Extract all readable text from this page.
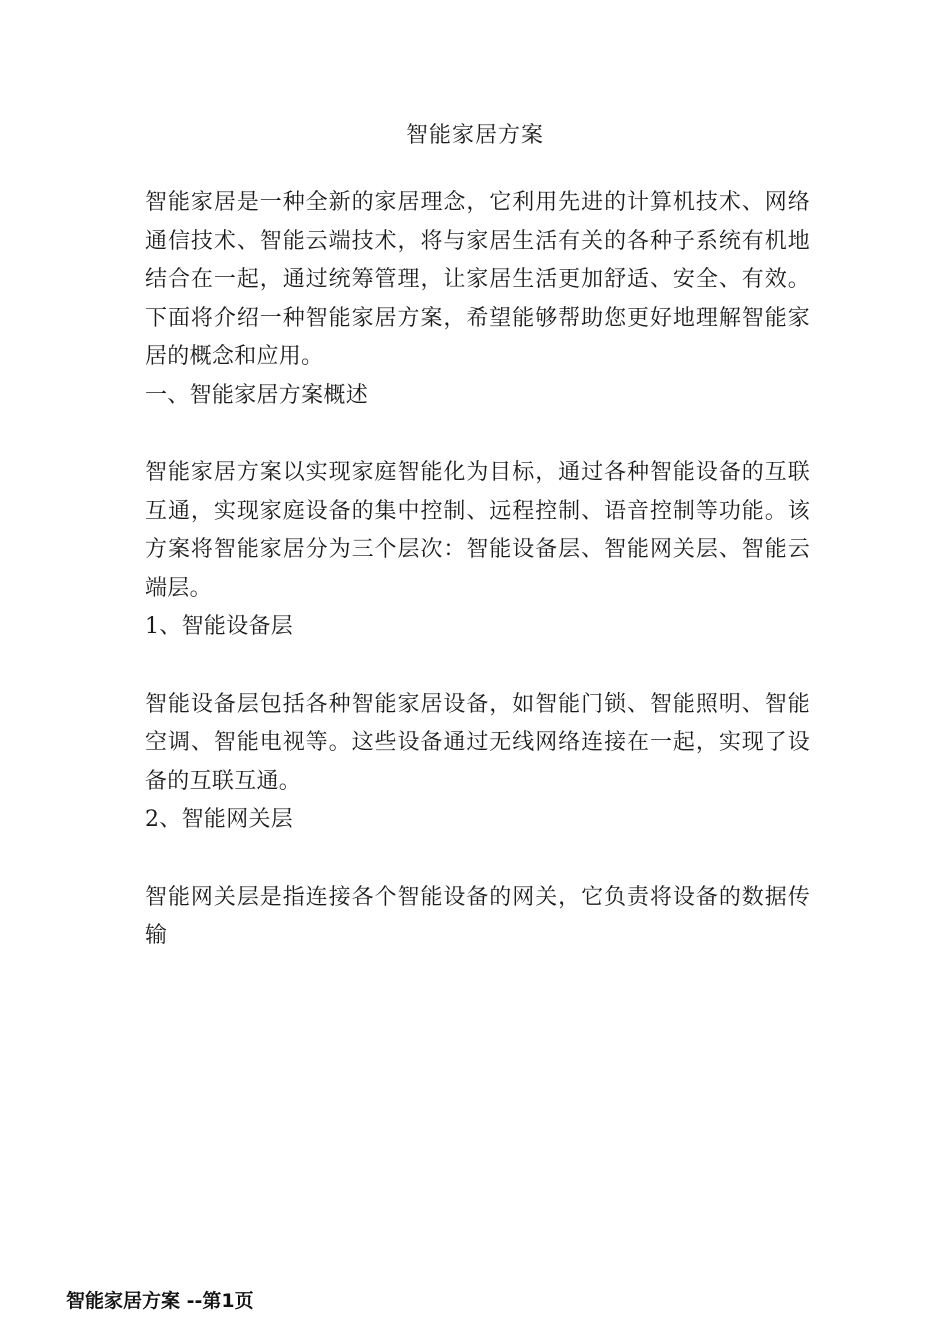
智能家居方案

智能家居是一种全新的家居理念，它利用先进的计算机技术、网络通信技术、智能云端技术，将与家居生活有关的各种子系统有机地结合在一起，通过统筹管理，让家居生活更加舒适、安全、有效。下面将介绍一种智能家居方案，希望能够帮助您更好地理解智能家居的概念和应用。

一、智能家居方案概述

智能家居方案以实现家庭智能化为目标，通过各种智能设备的互联互通，实现家庭设备的集中控制、远程控制、语音控制等功能。该方案将智能家居分为三个层次：智能设备层、智能网关层、智能云端层。

1、智能设备层

智能设备层包括各种智能家居设备，如智能门锁、智能照明、智能空调、智能电视等。这些设备通过无线网络连接在一起，实现了设备的互联互通。

2、智能网关层

智能网关层是指连接各个智能设备的网关，它负责将设备的数据传输

智能家居方案 --第1页
